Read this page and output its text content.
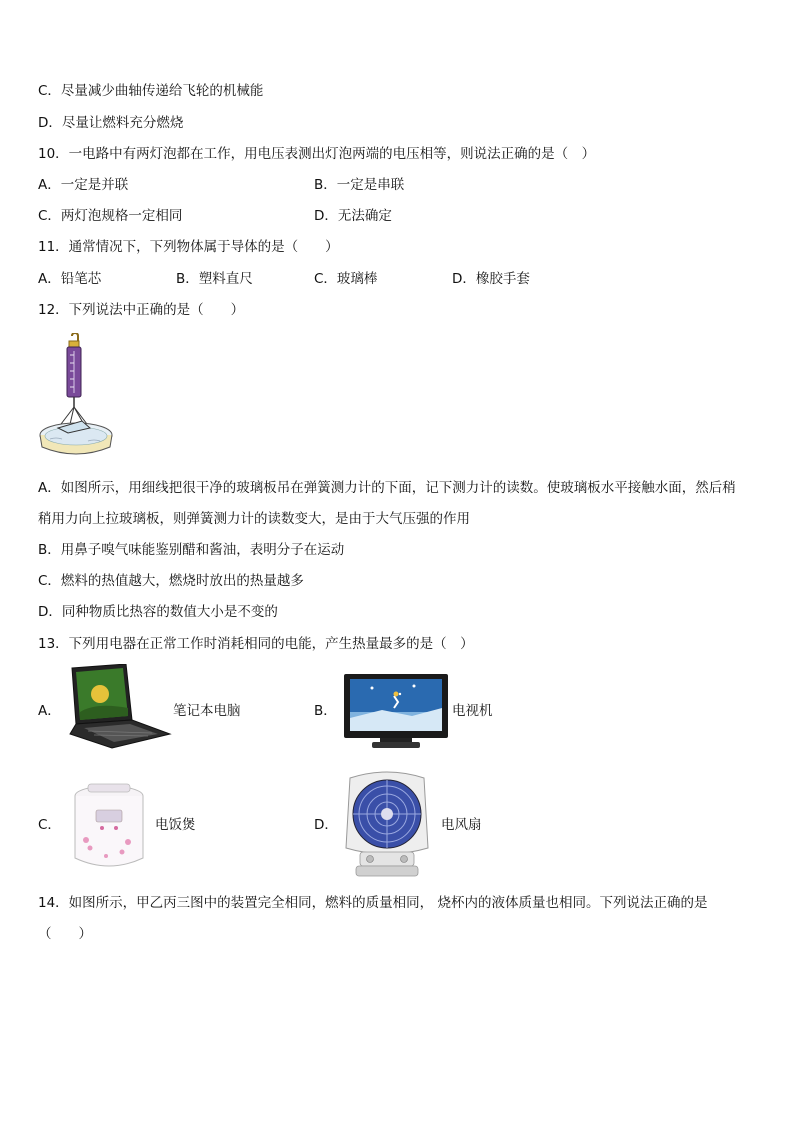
C．尽量减少曲轴传递给飞轮的机械能
D．尽量让燃料充分燃烧
10．一电路中有两灯泡都在工作，用电压表测出灯泡两端的电压相等，则说法正确的是（　）
A．一定是并联	B．一定是串联
C．两灯泡规格一定相同	D．无法确定
11．通常情况下，下列物体属于导体的是（　　）
A．铅笔芯	B．塑料直尺	C．玻璃棒	D．橡胶手套
12．下列说法中正确的是（　　）
A．如图所示，用细线把很干净的玻璃板吊在弹簧测力计的下面，记下测力计的读数。使玻璃板水平接触水面，然后稍
稍用力向上拉玻璃板，则弹簧测力计的读数变大，是由于大气压强的作用
B．用鼻子嗅气味能鉴别醋和酱油，表明分子在运动
C．燃料的热值越大，燃烧时放出的热量越多
D．同种物质比热容的数值大小是不变的
13．下列用电器在正常工作时消耗相同的电能，产生热量最多的是（　）
A．	笔记本电脑	B．	电视机
C．	电饭煲	D．	电风扇
14．如图所示，甲乙丙三图中的装置完全相同，燃料的质量相同， 烧杯内的液体质量也相同。下列说法正确的是
（　　）
